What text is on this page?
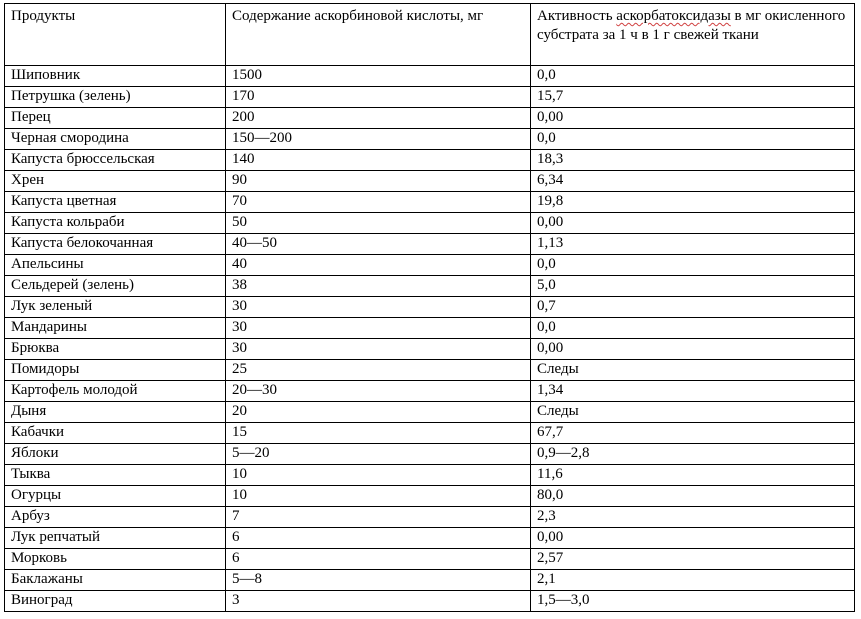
Продукты	Содержание аскорбиновой кислоты, мг	Активность аскорбатоксидазы в мг окисленного субстрата за 1 ч в 1 г свежей ткани
Шиповник	1500	0,0
Петрушка (зелень)	170	15,7
Перец	200	0,00
Черная смородина	150—200	0,0
Капуста брюссельская	140	18,3
Хрен	90	6,34
Капуста цветная	70	19,8
Капуста кольраби	50	0,00
Капуста белокочанная	40—50	1,13
Апельсины	40	0,0
Сельдерей (зелень)	38	5,0
Лук зеленый	30	0,7
Мандарины	30	0,0
Брюква	30	0,00
Помидоры	25	Следы
Картофель молодой	20—30	1,34
Дыня	20	Следы
Кабачки	15	67,7
Яблоки	5—20	0,9—2,8
Тыква	10	11,6
Огурцы	10	80,0
Арбуз	7	2,3
Лук репчатый	6	0,00
Морковь	6	2,57
Баклажаны	5—8	2,1
Виноград	3	1,5—3,0
